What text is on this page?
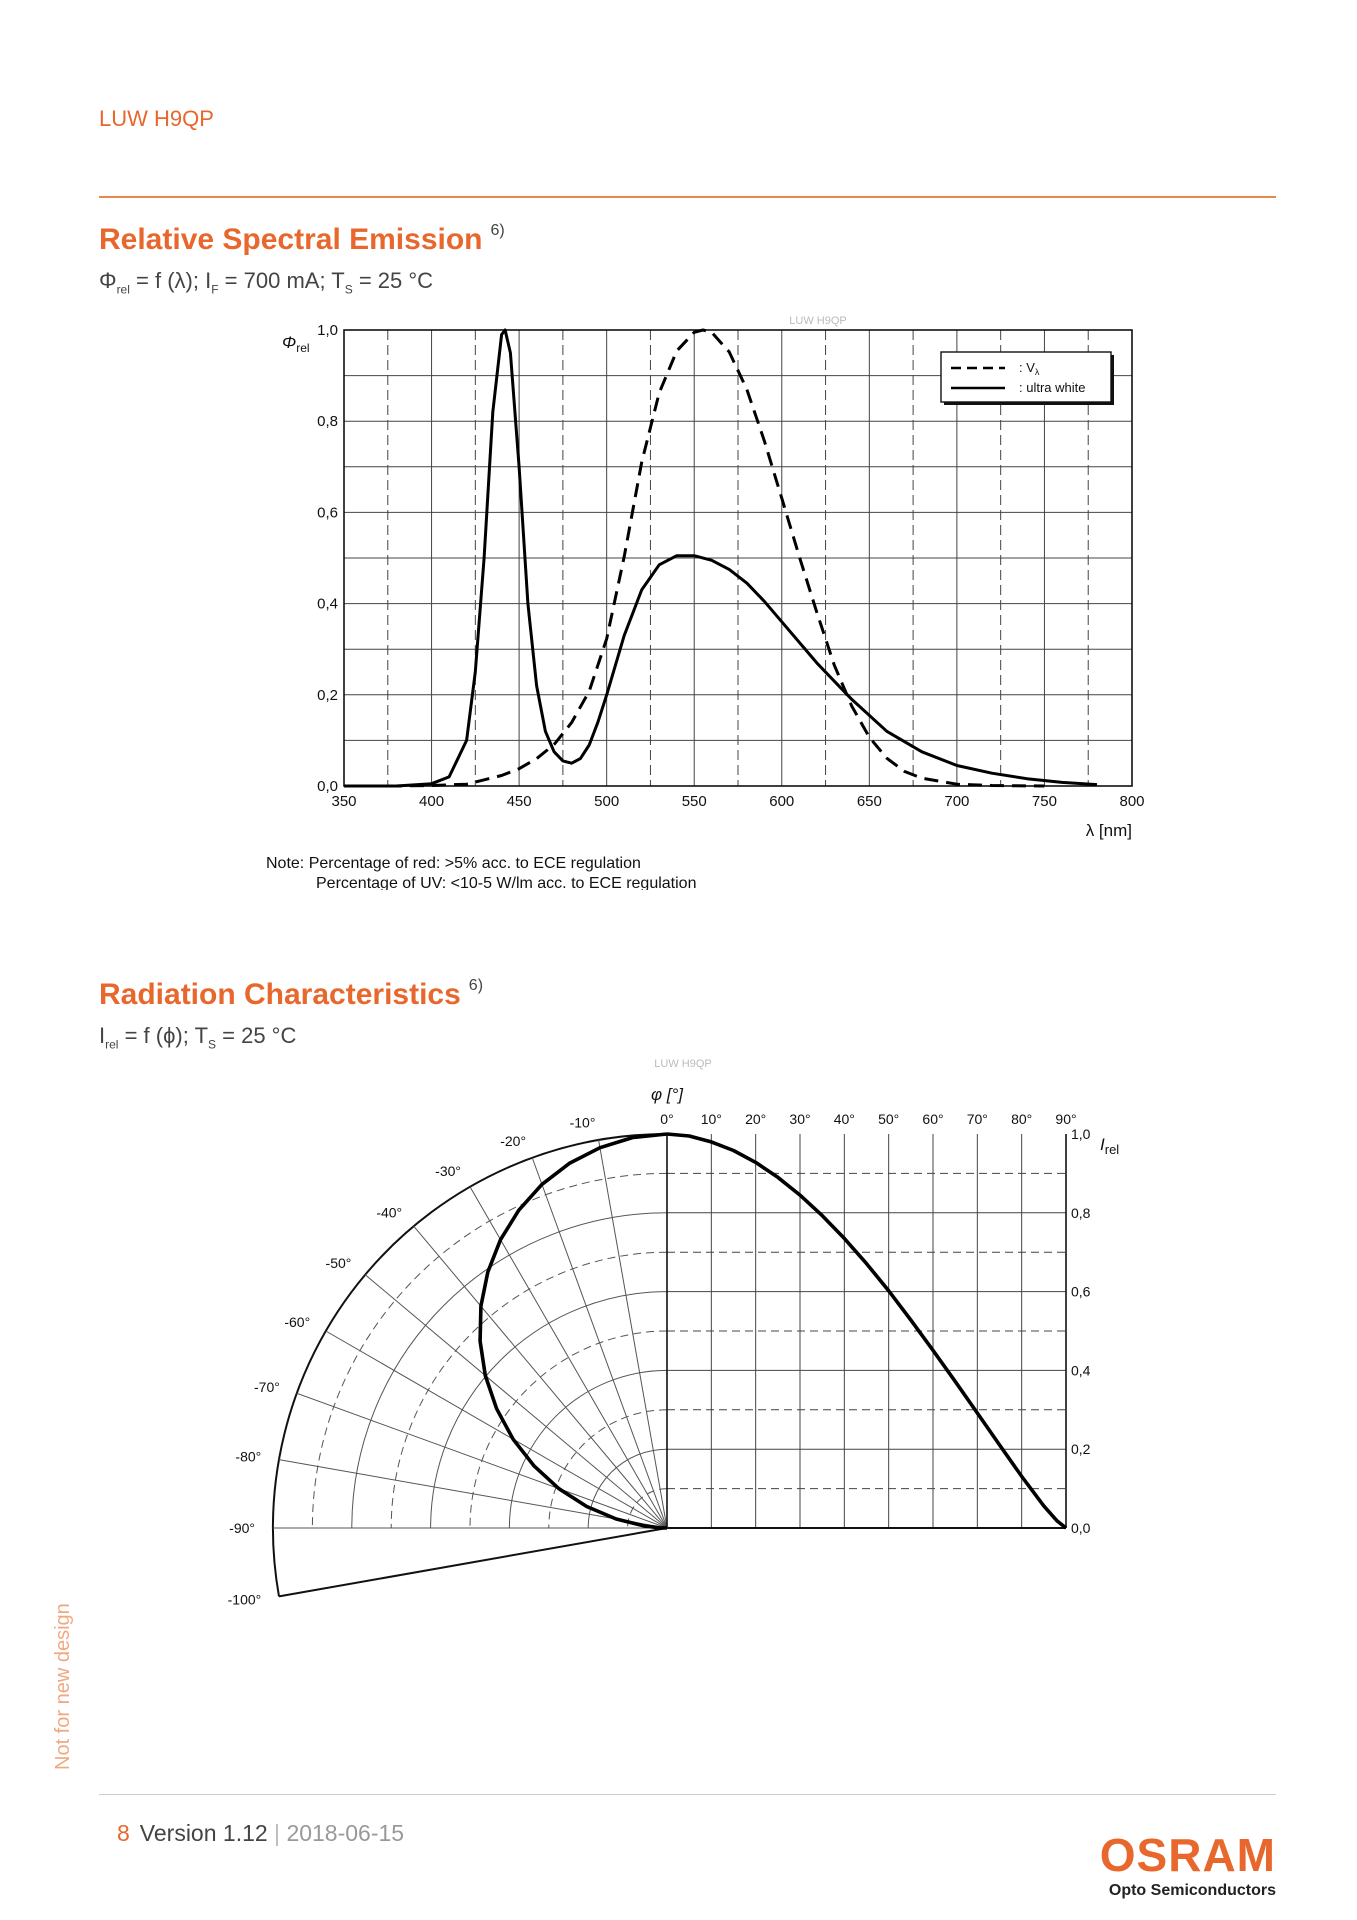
LUW H9QP
Relative Spectral Emission $^{6)}$
$\Phi_{rel} = f$ (λ); $I_F = 700$ mA; $T_S = 25$ °C
LUW H9QP
350	400	450	500	550	600	650	700	750	800
0,0
0,2
0,4
0,6
0,8
1,0
$\Phi_{rel}$
λ [nm]
: $V_\lambda$
: ultra white
Note: Percentage of red: >5% acc. to ECE regulation
Percentage of UV: <10-5 W/lm acc. to ECE regulation
Radiation Characteristics $^{6)}$
$I_{rel} = f$ (ϕ); $T_S = 25$ °C
LUW H9QP
-10°
-20°
-30°
-40°
-50°
-60°
-70°
-80°
-90°
-100°
0° 10° 20° 30° 40° 50° 60° 70° 80° 90°
0,0
0,2
0,4
0,6
0,8
1,0
φ [°]
$I_{rel}$
Not for new design
8 Version 1.12 | 2018-06-15	OSRAM
Opto Semiconductors
